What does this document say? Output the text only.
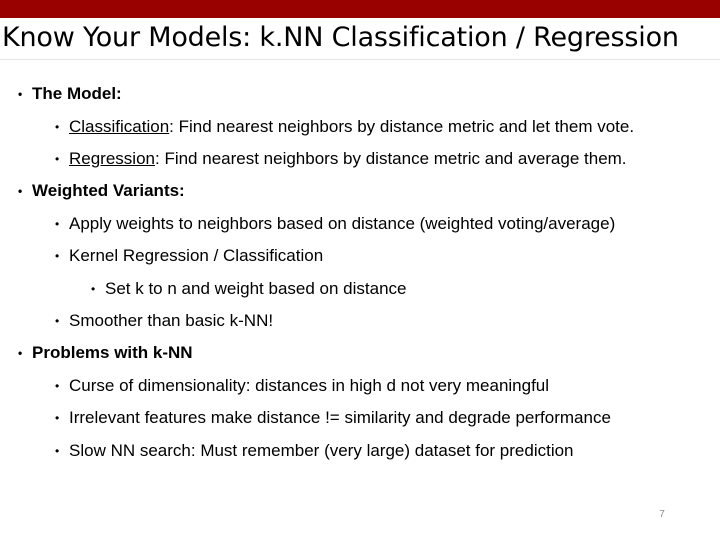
Know Your Models: k.NN Classification / Regression
• The Model:
• Classification: Find nearest neighbors by distance metric and let them vote.
• Regression: Find nearest neighbors by distance metric and average them.
• Weighted Variants:
• Apply weights to neighbors based on distance (weighted voting/average)
• Kernel Regression / Classification
• Set k to n and weight based on distance
• Smoother than basic k-NN!
• Problems with k-NN
• Curse of dimensionality: distances in high d not very meaningful
• Irrelevant features make distance != similarity and degrade performance
• Slow NN search: Must remember (very large) dataset for prediction
7
